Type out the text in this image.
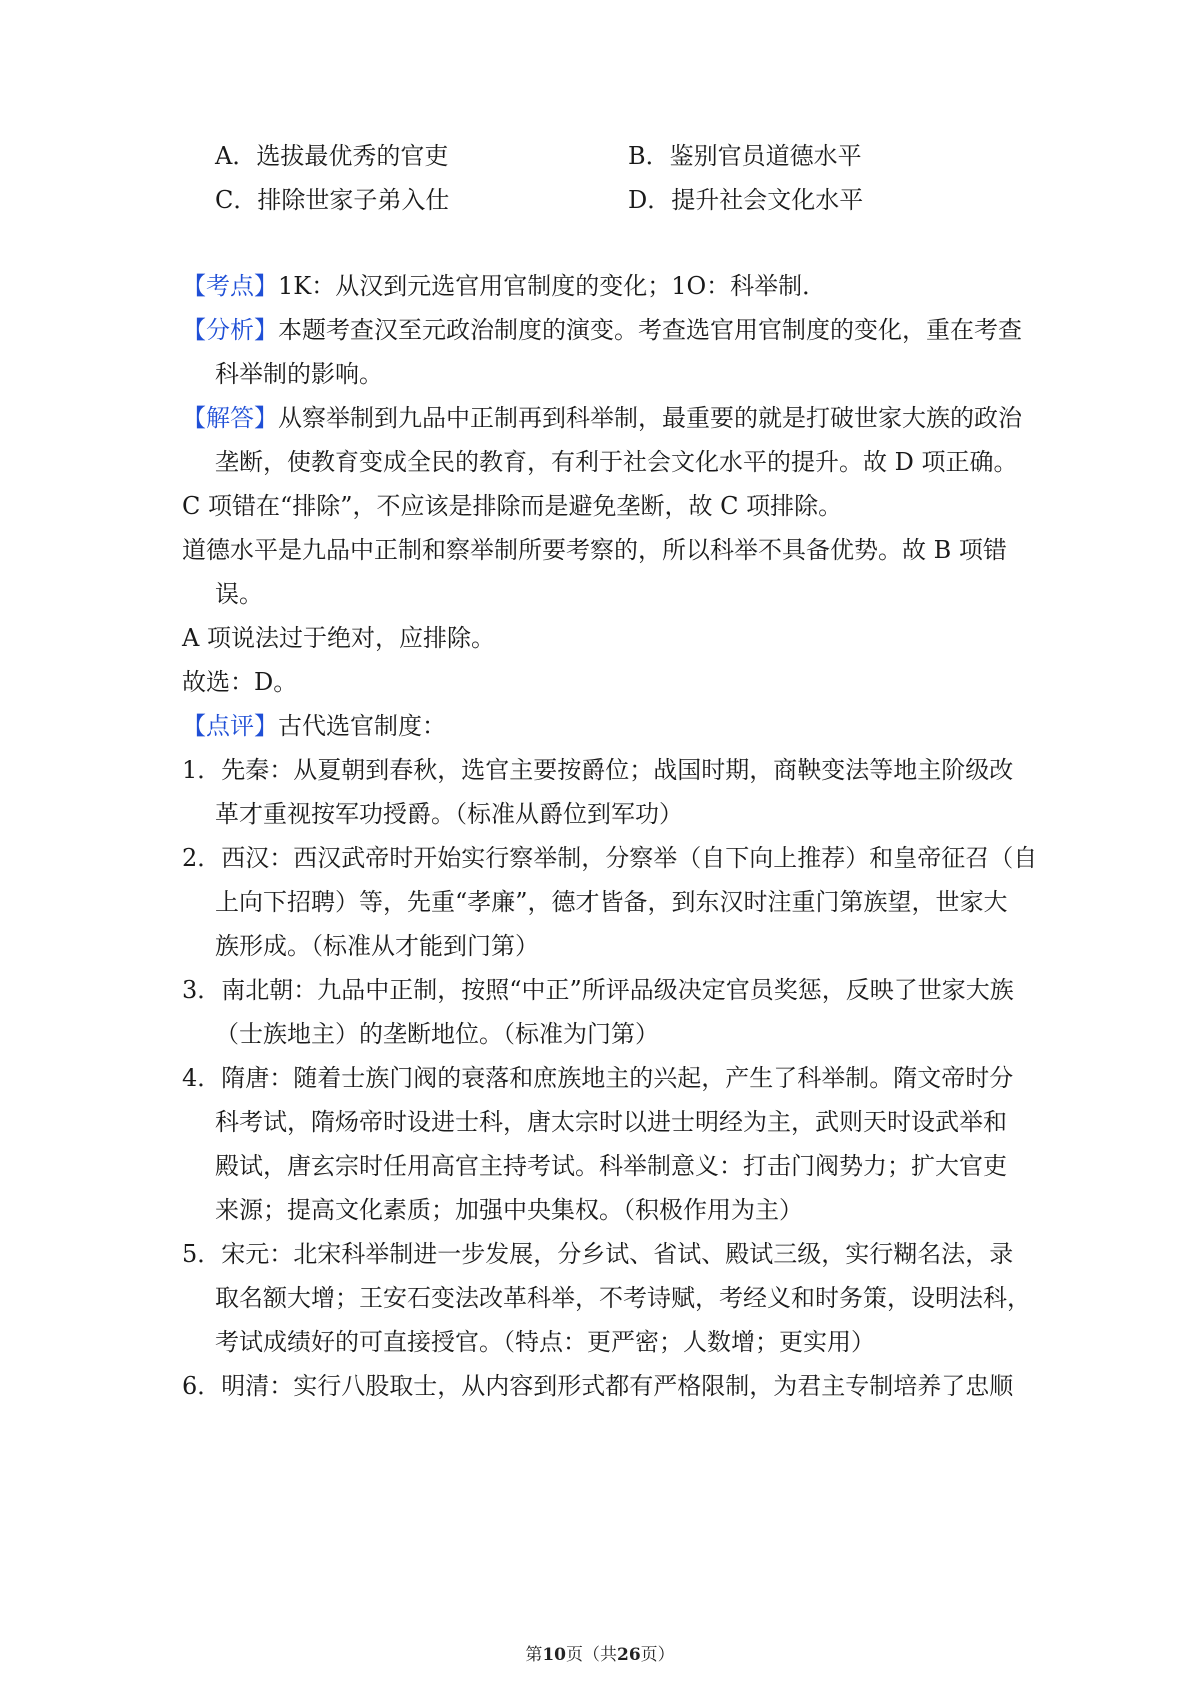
A．选拔最优秀的官吏	B．鉴别官员道德水平
C．排除世家子弟入仕	D．提升社会文化水平
【考点】1K：从汉到元选官用官制度的变化；1O：科举制．
【分析】本题考查汉至元政治制度的演变。考查选官用官制度的变化，重在考查
科举制的影响。
【解答】从察举制到九品中正制再到科举制，最重要的就是打破世家大族的政治
垄断，使教育变成全民的教育，有利于社会文化水平的提升。故 D 项正确。
C 项错在“排除”，不应该是排除而是避免垄断，故 C 项排除。
道德水平是九品中正制和察举制所要考察的，所以科举不具备优势。故 B 项错
误。
A 项说法过于绝对，应排除。
故选：D。
【点评】古代选官制度：
1．先秦：从夏朝到春秋，选官主要按爵位；战国时期，商鞅变法等地主阶级改
革才重视按军功授爵。（标准从爵位到军功）
2．西汉：西汉武帝时开始实行察举制，分察举（自下向上推荐）和皇帝征召（自
上向下招聘）等，先重“孝廉”，德才皆备，到东汉时注重门第族望，世家大
族形成。（标准从才能到门第）
3．南北朝：九品中正制，按照“中正”所评品级决定官员奖惩，反映了世家大族
（士族地主）的垄断地位。（标准为门第）
4．隋唐：随着士族门阀的衰落和庶族地主的兴起，产生了科举制。隋文帝时分
科考试，隋炀帝时设进士科，唐太宗时以进士明经为主，武则天时设武举和
殿试，唐玄宗时任用高官主持考试。科举制意义：打击门阀势力；扩大官吏
来源；提高文化素质；加强中央集权。（积极作用为主）
5．宋元：北宋科举制进一步发展，分乡试、省试、殿试三级，实行糊名法，录
取名额大增；王安石变法改革科举，不考诗赋，考经义和时务策，设明法科，
考试成绩好的可直接授官。（特点：更严密；人数增；更实用）
6．明清：实行八股取士，从内容到形式都有严格限制，为君主专制培养了忠顺
第10页（共26页）
